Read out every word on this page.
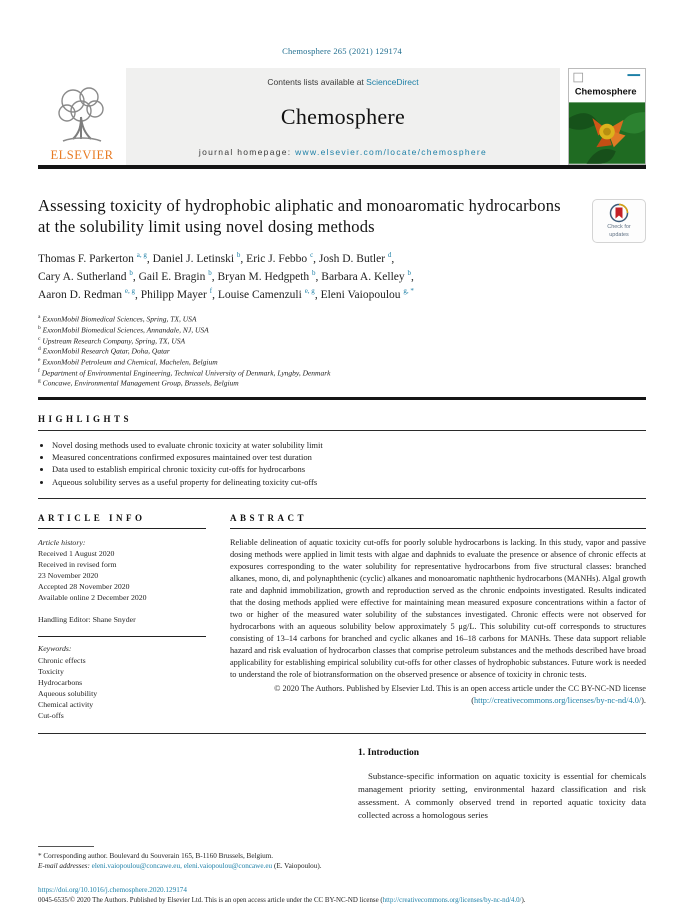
Chemosphere 265 (2021) 129174
ELSEVIER
Contents lists available at ScienceDirect
Chemosphere
journal homepage: www.elsevier.com/locate/chemosphere
Chemosphere
Assessing toxicity of hydrophobic aliphatic and monoaromatic hydrocarbons at the solubility limit using novel dosing methods	Check for updates
Thomas F. Parkerton $^{a, g}$, Daniel J. Letinski $^b$, Eric J. Febbo $^c$, Josh D. Butler $^d$,
Cary A. Sutherland $^b$, Gail E. Bragin $^b$, Bryan M. Hedgpeth $^b$, Barbara A. Kelley $^b$,
Aaron D. Redman $^{e, g}$, Philipp Mayer $^f$, Louise Camenzuli $^{e, g}$, Eleni Vaiopoulou $^{g, *}$
$^a$ ExxonMobil Biomedical Sciences, Spring, TX, USA
$^b$ ExxonMobil Biomedical Sciences, Annandale, NJ, USA
$^c$ Upstream Research Company, Spring, TX, USA
$^d$ ExxonMobil Research Qatar, Doha, Qatar
$^e$ ExxonMobil Petroleum and Chemical, Machelen, Belgium
$^f$ Department of Environmental Engineering, Technical University of Denmark, Lyngby, Denmark
$^g$ Concawe, Environmental Management Group, Brussels, Belgium
HIGHLIGHTS
• Novel dosing methods used to evaluate chronic toxicity at water solubility limit
• Measured concentrations confirmed exposures maintained over test duration
• Data used to establish empirical chronic toxicity cut-offs for hydrocarbons
• Aqueous solubility serves as a useful property for delineating toxicity cut-offs
ARTICLE INFO
Article history:
Received 1 August 2020
Received in revised form
23 November 2020
Accepted 28 November 2020
Available online 2 December 2020
Handling Editor: Shane Snyder
Keywords:
Chronic effects
Toxicity
Hydrocarbons
Aqueous solubility
Chemical activity
Cut-offs
ABSTRACT

Reliable delineation of aquatic toxicity cut-offs for poorly soluble hydrocarbons is lacking. In this study, vapor and passive dosing methods were applied in limit tests with algae and daphnids to evaluate the presence or absence of chronic effects at exposures corresponding to the water solubility for representative hydrocarbons from five structural classes: branched alkanes, mono, di, and polynaphthenic (cyclic) alkanes and monoaromatic naphthenic hydrocarbons (MANHs). Algal growth rate and daphnid immobilization, growth and reproduction served as the chronic endpoints investigated. Results indicated that the dosing methods applied were effective for maintaining mean measured exposure concentrations within a factor of two or higher of the measured water solubility of the substances investigated. Chronic effects were not observed for hydrocarbons with an aqueous solubility below approximately 5 μg/L. This solubility cut-off corresponds to structures consisting of 13–14 carbons for branched and cyclic alkanes and 16–18 carbons for MANHs. These data support reliable hazard and risk evaluation of hydrocarbon classes that comprise petroleum substances and the methods described have broad applicability for establishing empirical solubility cut-offs for other classes of hydrophobic substances. Future work is needed to understand the role of biotransformation on the observed presence or absence of toxicity in chronic tests.

© 2020 The Authors. Published by Elsevier Ltd. This is an open access article under the CC BY-NC-ND license (http://creativecommons.org/licenses/by-nc-nd/4.0/).

* Corresponding author. Boulevard du Souverain 165, B-1160 Brussels, Belgium.
E-mail addresses: eleni.vaiopoulou@concawe.eu, eleni.vaiopoulou@concawe.eu (E. Vaiopoulou).
1. Introduction

Substance-specific information on aquatic toxicity is essential for chemicals management priority setting, environmental hazard classification and risk assessment. A commonly observed trend in reported aquatic toxicity data collected across a homologous series

https://doi.org/10.1016/j.chemosphere.2020.129174
0045-6535/© 2020 The Authors. Published by Elsevier Ltd. This is an open access article under the CC BY-NC-ND license (http://creativecommons.org/licenses/by-nc-nd/4.0/).
